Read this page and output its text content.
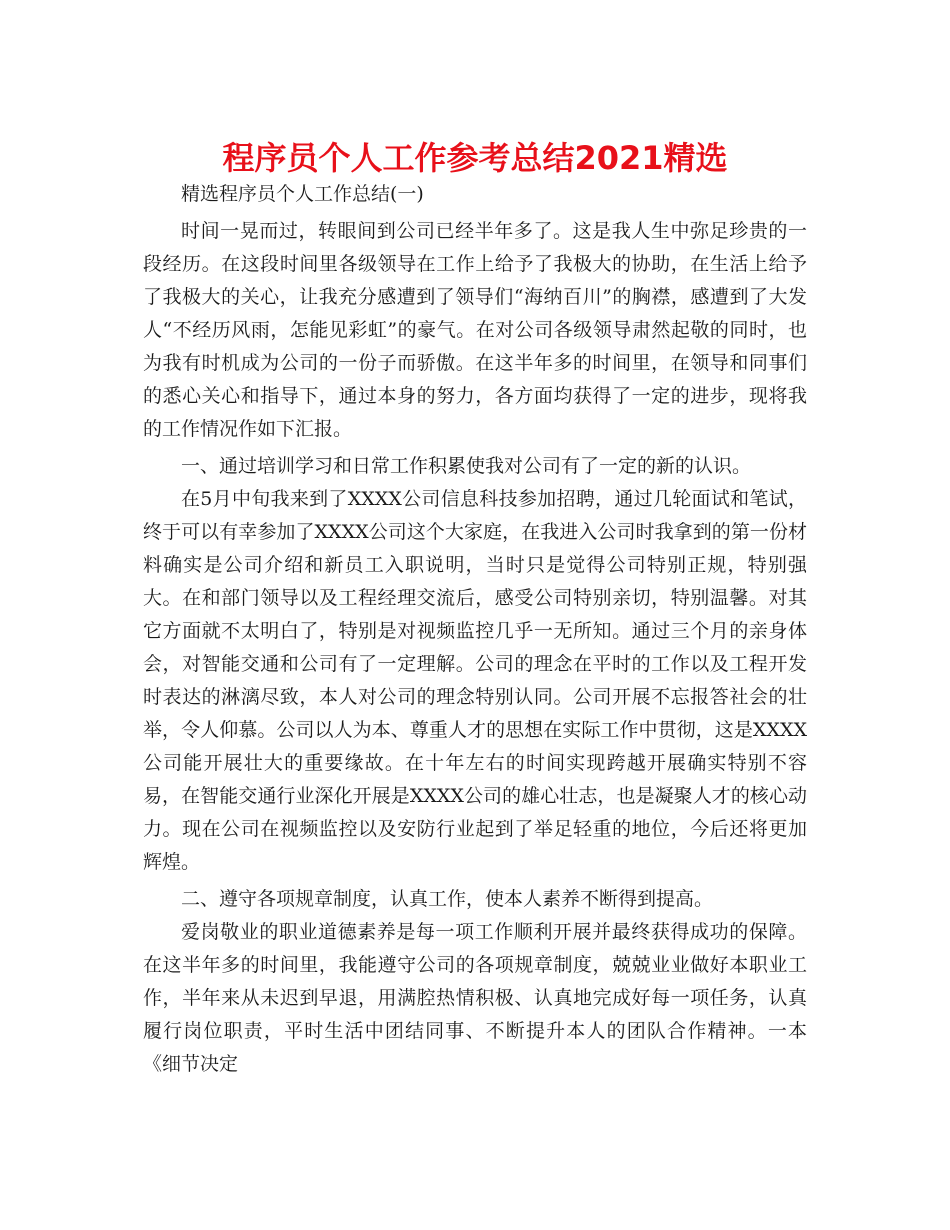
程序员个人工作参考总结2021精选

精选程序员个人工作总结(一)

时间一晃而过，转眼间到公司已经半年多了。这是我人生中弥足珍贵的一段经历。在这段时间里各级领导在工作上给予了我极大的协助，在生活上给予了我极大的关心，让我充分感遭到了领导们“海纳百川”的胸襟，感遭到了大发人“不经历风雨，怎能见彩虹”的豪气。在对公司各级领导肃然起敬的同时，也为我有时机成为公司的一份子而骄傲。在这半年多的时间里，在领导和同事们的悉心关心和指导下，通过本身的努力，各方面均获得了一定的进步，现将我的工作情况作如下汇报。

一、通过培训学习和日常工作积累使我对公司有了一定的新的认识。

在5月中旬我来到了XXXX公司信息科技参加招聘，通过几轮面试和笔试，终于可以有幸参加了XXXX公司这个大家庭，在我进入公司时我拿到的第一份材料确实是公司介绍和新员工入职说明，当时只是觉得公司特别正规，特别强大。在和部门领导以及工程经理交流后，感受公司特别亲切，特别温馨。对其它方面就不太明白了，特别是对视频监控几乎一无所知。通过三个月的亲身体会，对智能交通和公司有了一定理解。公司的理念在平时的工作以及工程开发时表达的淋漓尽致，本人对公司的理念特别认同。公司开展不忘报答社会的壮举，令人仰慕。公司以人为本、尊重人才的思想在实际工作中贯彻，这是XXXX公司能开展壮大的重要缘故。在十年左右的时间实现跨越开展确实特别不容易，在智能交通行业深化开展是XXXX公司的雄心壮志，也是凝聚人才的核心动力。现在公司在视频监控以及安防行业起到了举足轻重的地位，今后还将更加辉煌。

二、遵守各项规章制度，认真工作，使本人素养不断得到提高。

爱岗敬业的职业道德素养是每一项工作顺利开展并最终获得成功的保障。在这半年多的时间里，我能遵守公司的各项规章制度，兢兢业业做好本职业工作，半年来从未迟到早退，用满腔热情积极、认真地完成好每一项任务，认真履行岗位职责，平时生活中团结同事、不断提升本人的团队合作精神。一本《细节决定
